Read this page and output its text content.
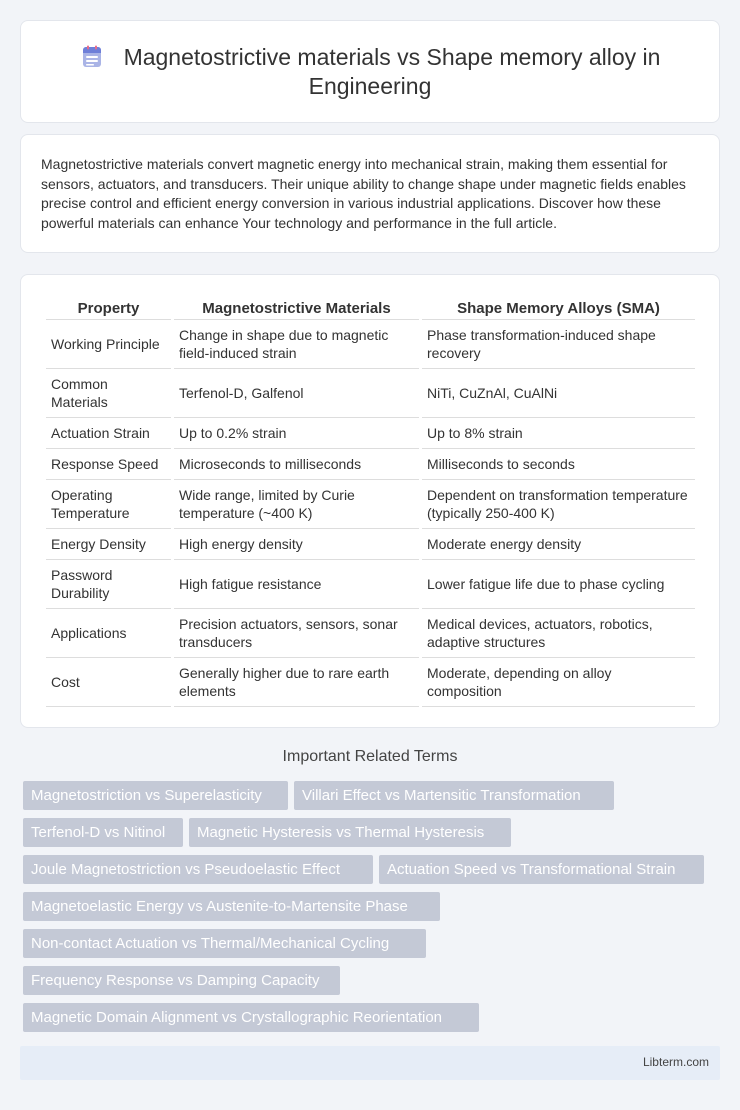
Magnetostrictive materials vs Shape memory alloy in Engineering

Magnetostrictive materials convert magnetic energy into mechanical strain, making them essential for sensors, actuators, and transducers. Their unique ability to change shape under magnetic fields enables precise control and efficient energy conversion in various industrial applications. Discover how these powerful materials can enhance Your technology and performance in the full article.

Property	Magnetostrictive Materials	Shape Memory Alloys (SMA)
Working Principle	Change in shape due to magnetic field-induced strain	Phase transformation-induced shape recovery
Common Materials	Terfenol-D, Galfenol	NiTi, CuZnAl, CuAlNi
Actuation Strain	Up to 0.2% strain	Up to 8% strain
Response Speed	Microseconds to milliseconds	Milliseconds to seconds
Operating Temperature	Wide range, limited by Curie temperature (~400 K)	Dependent on transformation temperature (typically 250-400 K)
Energy Density	High energy density	Moderate energy density
Password Durability	High fatigue resistance	Lower fatigue life due to phase cycling
Applications	Precision actuators, sensors, sonar transducers	Medical devices, actuators, robotics, adaptive structures
Cost	Generally higher due to rare earth elements	Moderate, depending on alloy composition
Important Related Terms
Magnetostriction vs Superelasticity	Villari Effect vs Martensitic Transformation
Terfenol-D vs Nitinol	Magnetic Hysteresis vs Thermal Hysteresis
Joule Magnetostriction vs Pseudoelastic Effect	Actuation Speed vs Transformational Strain
Magnetoelastic Energy vs Austenite-to-Martensite Phase
Non-contact Actuation vs Thermal/Mechanical Cycling
Frequency Response vs Damping Capacity
Magnetic Domain Alignment vs Crystallographic Reorientation
Libterm.com
